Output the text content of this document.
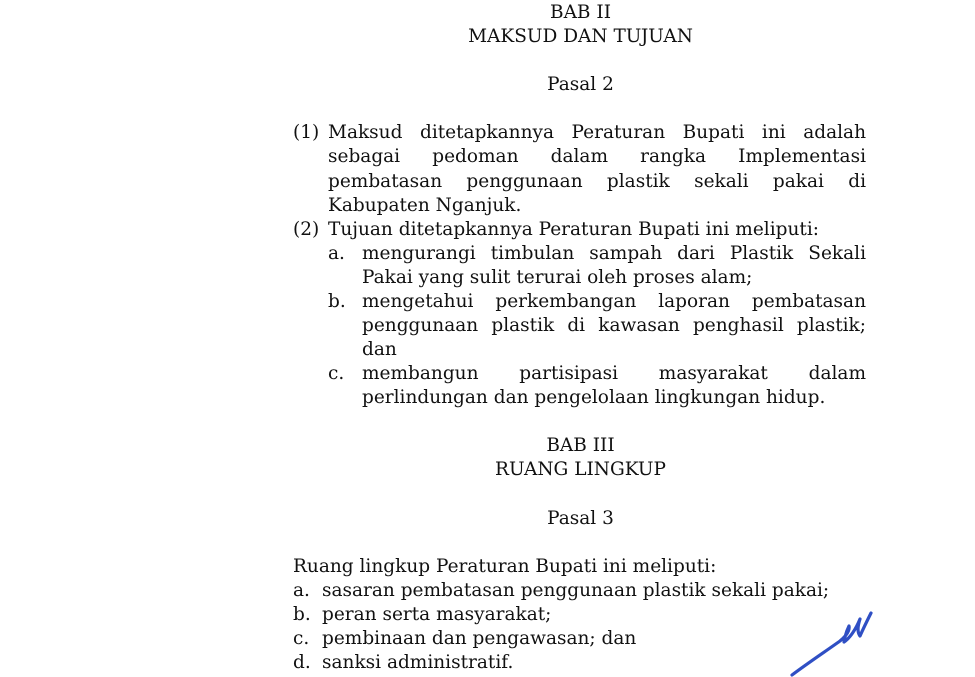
BAB II
MAKSUD DAN TUJUAN
Pasal 2
(1) Maksud ditetapkannya Peraturan Bupati ini adalah
sebagai pedoman dalam rangka Implementasi
pembatasan penggunaan plastik sekali pakai di
Kabupaten Nganjuk.
(2) Tujuan ditetapkannya Peraturan Bupati ini meliputi:
a. mengurangi timbulan sampah dari Plastik Sekali
Pakai yang sulit terurai oleh proses alam;
b. mengetahui perkembangan laporan pembatasan
penggunaan plastik di kawasan penghasil plastik;
dan
c. membangun partisipasi masyarakat dalam
perlindungan dan pengelolaan lingkungan hidup.
BAB III
RUANG LINGKUP
Pasal 3
Ruang lingkup Peraturan Bupati ini meliputi:
a. sasaran pembatasan penggunaan plastik sekali pakai;
b. peran serta masyarakat;
c. pembinaan dan pengawasan; dan
d. sanksi administratif.
